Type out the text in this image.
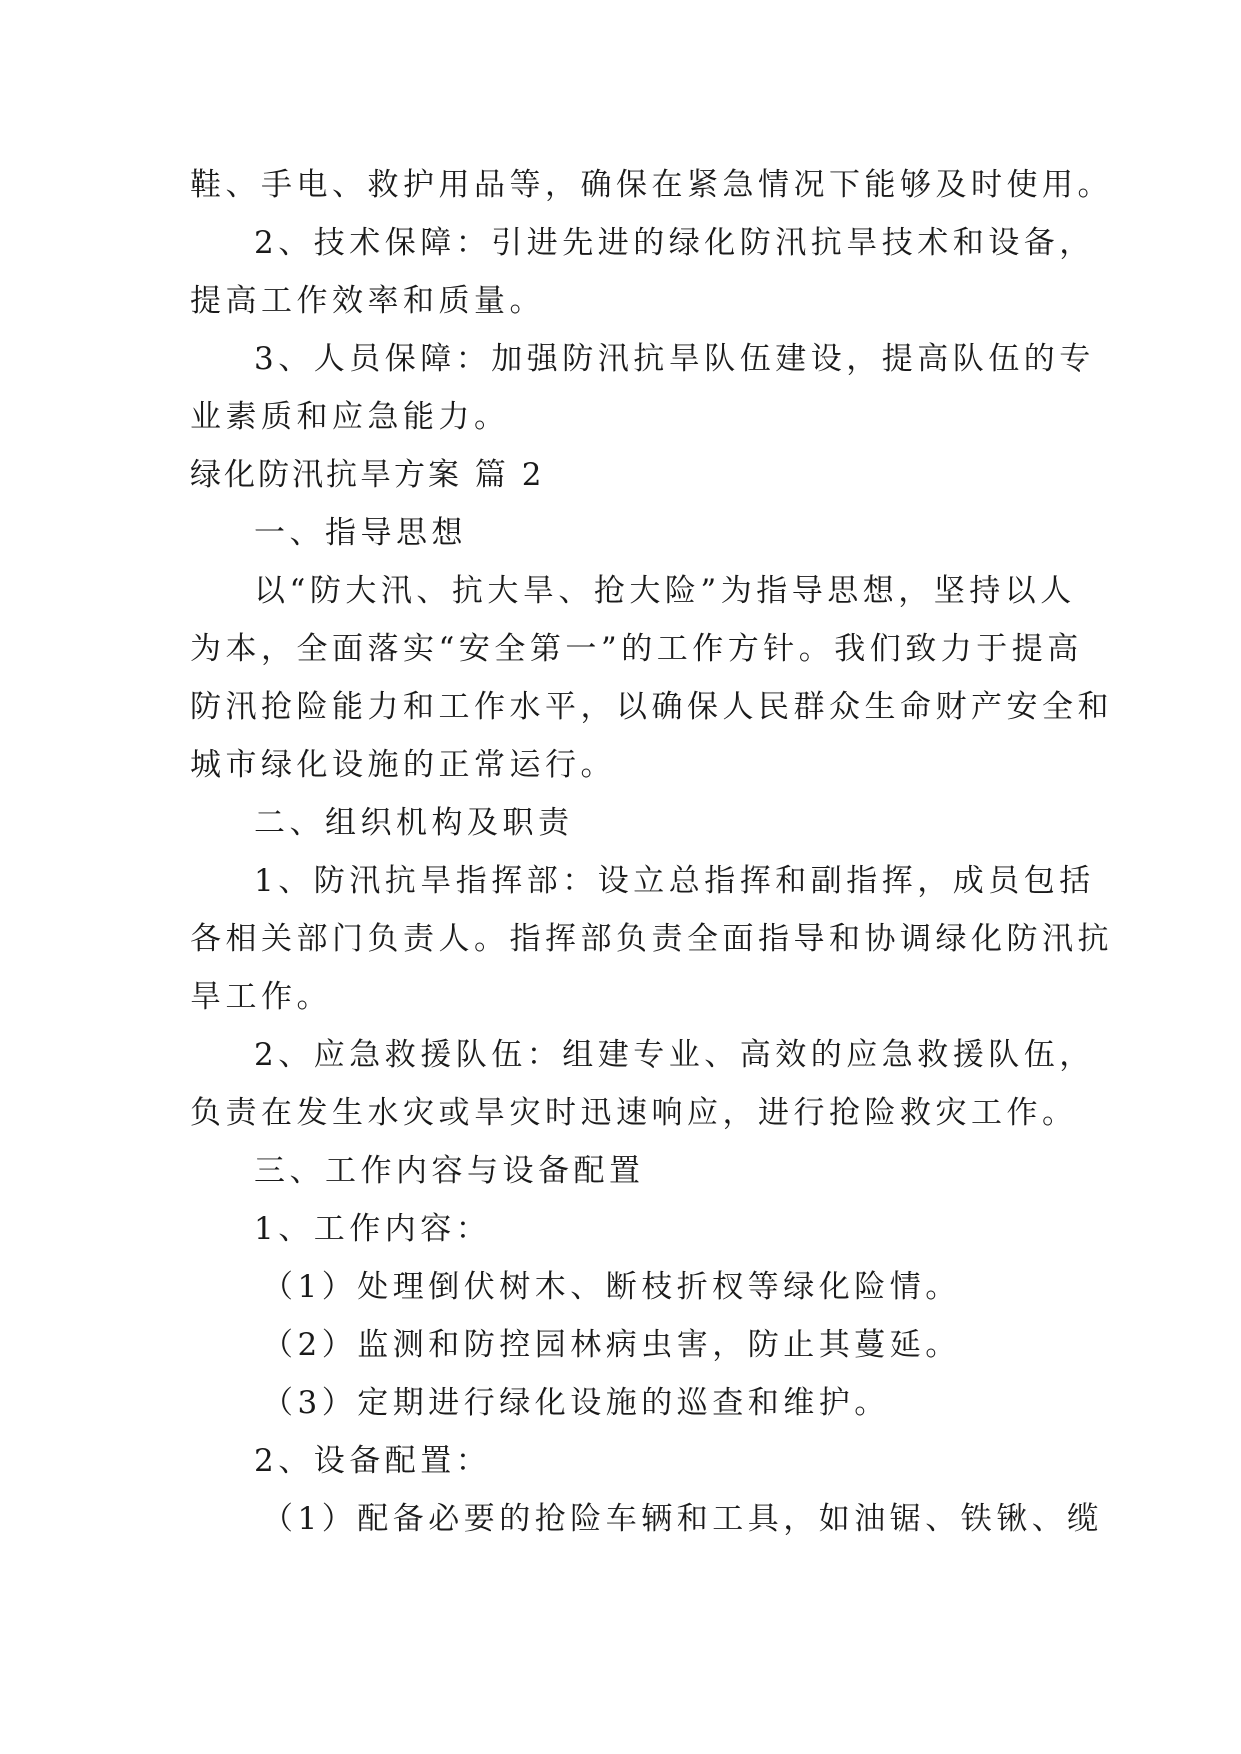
鞋、手电、救护用品等，确保在紧急情况下能够及时使用。
2、技术保障：引进先进的绿化防汛抗旱技术和设备，
提高工作效率和质量。
3、人员保障：加强防汛抗旱队伍建设，提高队伍的专
业素质和应急能力。
绿化防汛抗旱方案 篇 2
一、指导思想
以“防大汛、抗大旱、抢大险”为指导思想，坚持以人
为本，全面落实“安全第一”的工作方针。我们致力于提高
防汛抢险能力和工作水平，以确保人民群众生命财产安全和
城市绿化设施的正常运行。
二、组织机构及职责
1、防汛抗旱指挥部：设立总指挥和副指挥，成员包括
各相关部门负责人。指挥部负责全面指导和协调绿化防汛抗
旱工作。
2、应急救援队伍：组建专业、高效的应急救援队伍，
负责在发生水灾或旱灾时迅速响应，进行抢险救灾工作。
三、工作内容与设备配置
1、工作内容：
（1）处理倒伏树木、断枝折杈等绿化险情。
（2）监测和防控园林病虫害，防止其蔓延。
（3）定期进行绿化设施的巡查和维护。
2、设备配置：
（1）配备必要的抢险车辆和工具，如油锯、铁锹、缆
